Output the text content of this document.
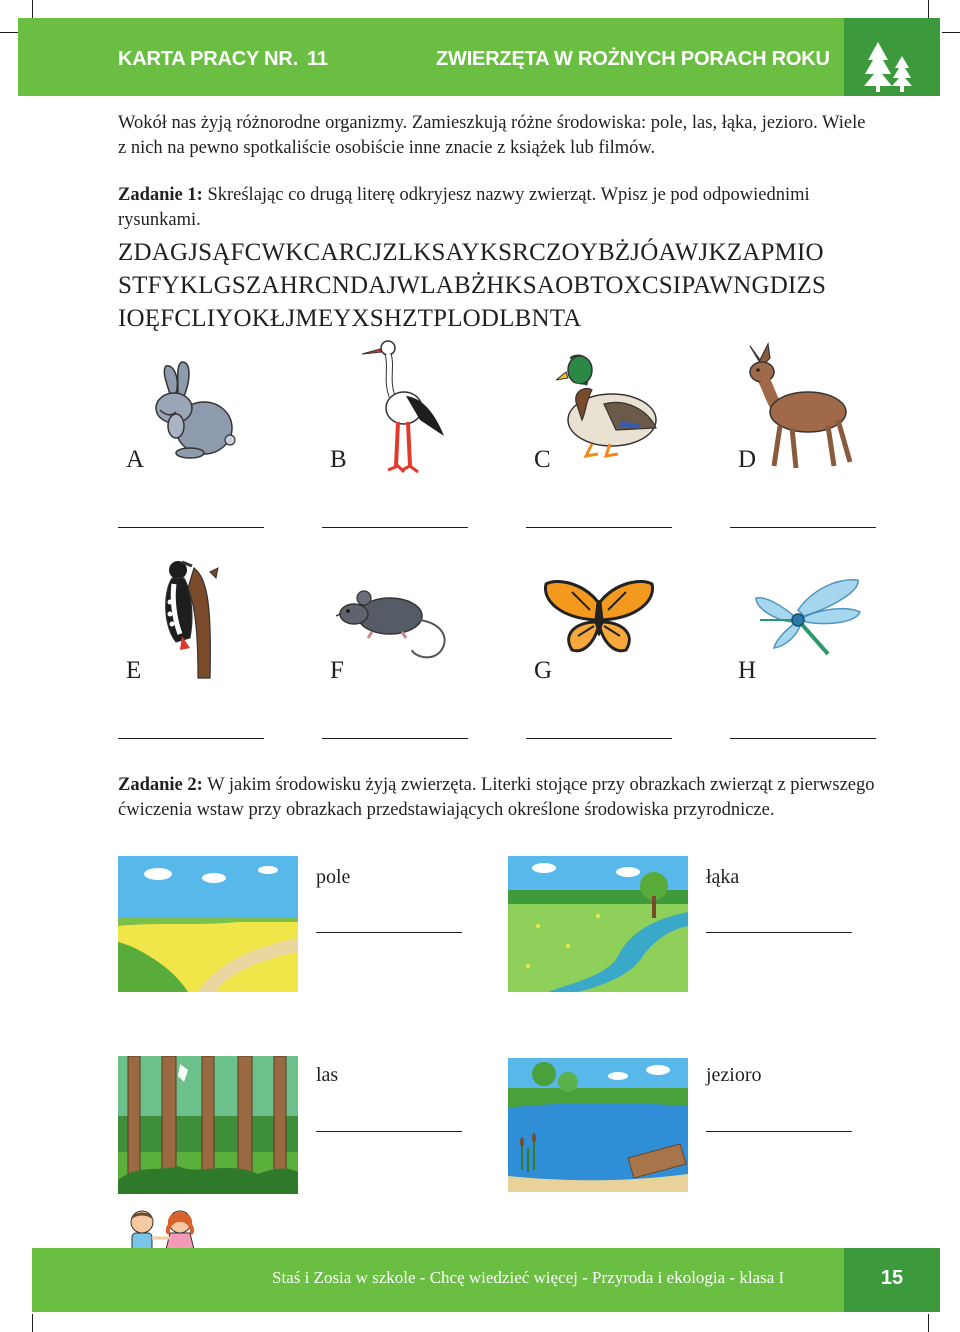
KARTA PRACY NR. 11	ZWIERZĘTA W ROŻNYCH PORACH ROKU
Wokół nas żyją różnorodne organizmy. Zamieszkują różne środowiska: pole, las, łąka, jezioro. Wiele z nich na pewno spotkaliście osobiście inne znacie z książek lub filmów.
Zadanie 1: Skreślając co drugą literę odkryjesz nazwy zwierząt. Wpisz je pod odpowiednimi rysunkami.
ZDAGJSĄFCWKCARCJZLKSAYKSRCZOYBŻJÓAWJKZAPMIO
STFYKLGSZAHRCNDAJWLABŻHKSAOBTOXCSIPAWNGDIZS
IOĘFCLIYOKŁJMEYXSHZTPLODLBNTA
A	B	C	D
E	F	G	H
Zadanie 2: W jakim środowisku żyją zwierzęta. Literki stojące przy obrazkach zwierząt z pierwszego ćwiczenia wstaw przy obrazkach przedstawiających określone środowiska przyrodnicze.
pole	łąka
las	jezioro
Staś i Zosia w szkole - Chcę wiedzieć więcej - Przyroda i ekologia - klasa I	15
